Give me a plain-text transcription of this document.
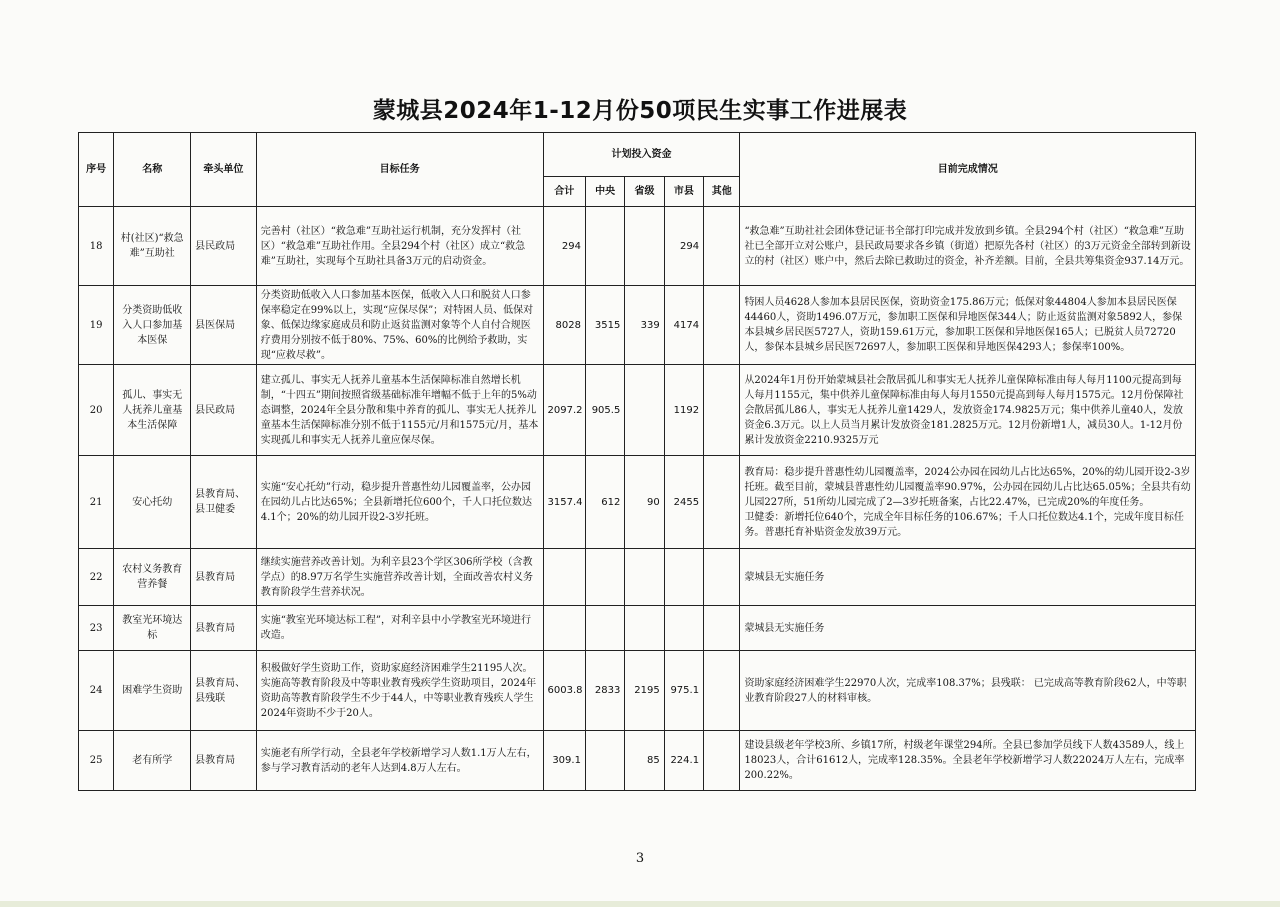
蒙城县2024年1-12月份50项民生实事工作进展表
序号	名称	牵头单位	目标任务	计划投入资金					目前完成情况
				合计	中央	省级	市县	其他	
18	村(社区)“救急难”互助社	县民政局	完善村（社区）“救急难”互助社运行机制，充分发挥村（社区）“救急难”互助社作用。全县294个村（社区）成立“救急难”互助社，实现每个互助社具备3万元的启动资金。	294			294		“救急难”互助社社会团体登记证书全部打印完成并发放到乡镇。全县294个村（社区）“救急难”互助社已全部开立对公账户，县民政局要求各乡镇（街道）把原先各村（社区）的3万元资金全部转到新设立的村（社区）账户中，然后去除已救助过的资金，补齐差额。目前，全县共筹集资金937.14万元。
19	分类资助低收入人口参加基本医保	县医保局	分类资助低收入人口参加基本医保，低收入人口和脱贫人口参保率稳定在99%以上，实现“应保尽保”；对特困人员、低保对象、低保边缘家庭成员和防止返贫监测对象等个人自付合规医疗费用分别按不低于80%、75%、60%的比例给予救助，实现“应救尽救”。	8028	3515	339	4174		特困人员4628人参加本县居民医保，资助资金175.86万元；低保对象44804人参加本县居民医保44460人，资助1496.07万元，参加职工医保和异地医保344人；防止返贫监测对象5892人，参保本县城乡居民医5727人，资助159.61万元，参加职工医保和异地医保165人；已脱贫人员72720人，参保本县城乡居民医72697人，参加职工医保和异地医保4293人；参保率100%。
20	孤儿、事实无人抚养儿童基本生活保障	县民政局	建立孤儿、事实无人抚养儿童基本生活保障标准自然增长机制，“十四五”期间按照省级基础标准年增幅不低于上年的5%动态调整，2024年全县分散和集中养育的孤儿、事实无人抚养儿童基本生活保障标准分别不低于1155元/月和1575元/月，基本实现孤儿和事实无人抚养儿童应保尽保。	2097.2	905.5		1192		从2024年1月份开始蒙城县社会散居孤儿和事实无人抚养儿童保障标准由每人每月1100元提高到每人每月1155元，集中供养儿童保障标准由每人每月1550元提高到每人每月1575元。12月份保障社会散居孤儿86人，事实无人抚养儿童1429人，发放资金174.9825万元；集中供养儿童40人，发放资金6.3万元。以上人员当月累计发放资金181.2825万元。12月份新增1人，减员30人。1-12月份累计发放资金2210.9325万元
21	安心托幼	县教育局、县卫健委	实施“安心托幼”行动，稳步提升普惠性幼儿园覆盖率，公办园在园幼儿占比达65%；全县新增托位600个，千人口托位数达4.1个；20%的幼儿园开设2-3岁托班。	3157.4	612	90	2455		教育局：稳步提升普惠性幼儿园覆盖率，2024公办园在园幼儿占比达65%，20%的幼儿园开设2-3岁托班。截至目前，蒙城县普惠性幼儿园覆盖率90.97%，公办园在园幼儿占比达65.05%；全县共有幼儿园227所，51所幼儿园完成了2—3岁托班备案，占比22.47%，已完成20%的年度任务。
卫健委：新增托位640个，完成全年目标任务的106.67%；千人口托位数达4.1个，完成年度目标任务。普惠托育补贴资金发放39万元。
22	农村义务教育营养餐	县教育局	继续实施营养改善计划。为利辛县23个学区306所学校（含教学点）的8.97万名学生实施营养改善计划，全面改善农村义务教育阶段学生营养状况。						蒙城县无实施任务
23	教室光环境达标	县教育局	实施“教室光环境达标工程”，对利辛县中小学教室光环境进行改造。						蒙城县无实施任务
24	困难学生资助	县教育局、县残联	积极做好学生资助工作，资助家庭经济困难学生21195人次。实施高等教育阶段及中等职业教育残疾学生资助项目，2024年资助高等教育阶段学生不少于44人，中等职业教育残疾人学生2024年资助不少于20人。	6003.8	2833	2195	975.1		资助家庭经济困难学生22970人次，完成率108.37%；县残联： 已完成高等教育阶段62人，中等职业教育阶段27人的材料审核。
25	老有所学	县教育局	实施老有所学行动，全县老年学校新增学习人数1.1万人左右，参与学习教育活动的老年人达到4.8万人左右。	309.1		85	224.1		建设县级老年学校3所、乡镇17所，村级老年课堂294所。全县已参加学员线下人数43589人，线上18023人，合计61612人，完成率128.35%。全县老年学校新增学习人数22024万人左右，完成率200.22%。
3
